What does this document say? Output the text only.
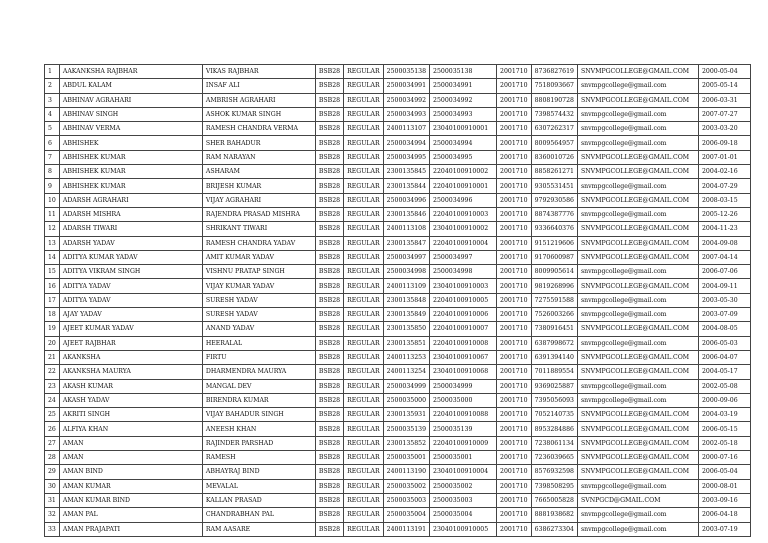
1	AAKANKSHA RAJBHAR	VIKAS RAJBHAR	BSB28	REGULAR	2500035138	2500035138	2001710	8736827619	SNVMPGCOLLEGE@GMAIL.COM	2000-05-04
2	ABDUL KALAM	INSAF ALI	BSB28	REGULAR	2500034991	2500034991	2001710	7518093667	snvmpgcollege@gmail.com	2005-05-14
3	ABHINAV AGRAHARI	AMBRISH AGRAHARI	BSB28	REGULAR	2500034992	2500034992	2001710	8808190728	SNVMPGCOLLEGE@GMAIL.COM	2006-03-31
4	ABHINAV SINGH	ASHOK KUMAR SINGH	BSB28	REGULAR	2500034993	2500034993	2001710	7398574432	snvmpgcollege@gmail.com	2007-07-27
5	ABHINAV VERMA	RAMESH CHANDRA VERMA	BSB28	REGULAR	2400113107	23040100910001	2001710	6307262317	snvmpgcollege@gmail.com	2003-03-20
6	ABHISHEK	SHER BAHADUR	BSB28	REGULAR	2500034994	2500034994	2001710	8009564957	snvmpgcollege@gmail.com	2006-09-18
7	ABHISHEK KUMAR	RAM NARAYAN	BSB28	REGULAR	2500034995	2500034995	2001710	8360010726	SNVMPGCOLLEGE@GMAIL.COM	2007-01-01
8	ABHISHEK KUMAR	ASHARAM	BSB28	REGULAR	2300135845	22040100910002	2001710	8858261271	SNVMPGCOLLEGE@GMAIL.COM	2004-02-16
9	ABHISHEK KUMAR	BRIJESH KUMAR	BSB28	REGULAR	2300135844	22040100910001	2001710	9305531451	snvmpgcollege@gmail.com	2004-07-29
10	ADARSH AGRAHARI	VIJAY AGRAHARI	BSB28	REGULAR	2500034996	2500034996	2001710	9792930586	SNVMPGCOLLEGE@GMAIL.COM	2008-03-15
11	ADARSH MISHRA	RAJENDRA PRASAD MISHRA	BSB28	REGULAR	2300135846	22040100910003	2001710	8874387776	snvmpgcollege@gmail.com	2005-12-26
12	ADARSH TIWARI	SHRIKANT TIWARI	BSB28	REGULAR	2400113108	23040100910002	2001710	9336640376	SNVMPGCOLLEGE@GMAIL.COM	2004-11-23
13	ADARSH YADAV	RAMESH CHANDRA YADAV	BSB28	REGULAR	2300135847	22040100910004	2001710	9151219606	SNVMPGCOLLEGE@GMAIL.COM	2004-09-08
14	ADITYA KUMAR YADAV	AMIT KUMAR YADAV	BSB28	REGULAR	2500034997	2500034997	2001710	9170600987	SNVMPGCOLLEGE@GMAIL.COM	2007-04-14
15	ADITYA VIKRAM SINGH	VISHNU PRATAP SINGH	BSB28	REGULAR	2500034998	2500034998	2001710	8009905614	snvmpgcollege@gmail.com	2006-07-06
16	ADITYA YADAV	VIJAY KUMAR YADAV	BSB28	REGULAR	2400113109	23040100910003	2001710	9819268996	SNVMPGCOLLEGE@GMAIL.COM	2004-09-11
17	ADITYA YADAV	SURESH YADAV	BSB28	REGULAR	2300135848	22040100910005	2001710	7275591588	snvmpgcollege@gmail.com	2003-05-30
18	AJAY YADAV	SURESH YADAV	BSB28	REGULAR	2300135849	22040100910006	2001710	7526003266	snvmpgcollege@gmail.com	2003-07-09
19	AJEET KUMAR YADAV	ANAND YADAV	BSB28	REGULAR	2300135850	22040100910007	2001710	7380916451	SNVMPGCOLLEGE@GMAIL.COM	2004-08-05
20	AJEET RAJBHAR	HEERALAL	BSB28	REGULAR	2300135851	22040100910008	2001710	6387998672	snvmpgcollege@gmail.com	2006-05-03
21	AKANKSHA	FIRTU	BSB28	REGULAR	2400113253	23040100910067	2001710	6391394140	SNVMPGCOLLEGE@GMAIL.COM	2006-04-07
22	AKANKSHA MAURYA	DHARMENDRA MAURYA	BSB28	REGULAR	2400113254	23040100910068	2001710	7011889554	SNVMPGCOLLEGE@GMAIL.COM	2004-05-17
23	AKASH KUMAR	MANGAL DEV	BSB28	REGULAR	2500034999	2500034999	2001710	9369025887	snvmpgcollege@gmail.com	2002-05-08
24	AKASH YADAV	BIRENDRA KUMAR	BSB28	REGULAR	2500035000	2500035000	2001710	7395056093	snvmpgcollege@gmail.com	2000-09-06
25	AKRITI SINGH	VIJAY BAHADUR SINGH	BSB28	REGULAR	2300135931	22040100910088	2001710	7052140735	SNVMPGCOLLEGE@GMAIL.COM	2004-03-19
26	ALFIYA KHAN	ANEESH KHAN	BSB28	REGULAR	2500035139	2500035139	2001710	8953284886	SNVMPGCOLLEGE@GMAIL.COM	2006-05-15
27	AMAN	RAJINDER PARSHAD	BSB28	REGULAR	2300135852	22040100910009	2001710	7238061134	SNVMPGCOLLEGE@GMAIL.COM	2002-05-18
28	AMAN	RAMESH	BSB28	REGULAR	2500035001	2500035001	2001710	7236039665	SNVMPGCOLLEGE@GMAIL.COM	2000-07-16
29	AMAN BIND	ABHAYRAJ BIND	BSB28	REGULAR	2400113190	23040100910004	2001710	8576932598	SNVMPGCOLLEGE@GMAIL.COM	2006-05-04
30	AMAN KUMAR	MEVALAL	BSB28	REGULAR	2500035002	2500035002	2001710	7398508295	snvmpgcollege@gmail.com	2000-08-01
31	AMAN KUMAR BIND	KALLAN PRASAD	BSB28	REGULAR	2500035003	2500035003	2001710	7665005828	SVNPGCD@GMAIL.COM	2003-09-16
32	AMAN PAL	CHANDRABHAN PAL	BSB28	REGULAR	2500035004	2500035004	2001710	8881938682	snvmpgcollege@gmail.com	2006-04-18
33	AMAN PRAJAPATI	RAM AASARE	BSB28	REGULAR	2400113191	23040100910005	2001710	6386273304	snvmpgcollege@gmail.com	2003-07-19
